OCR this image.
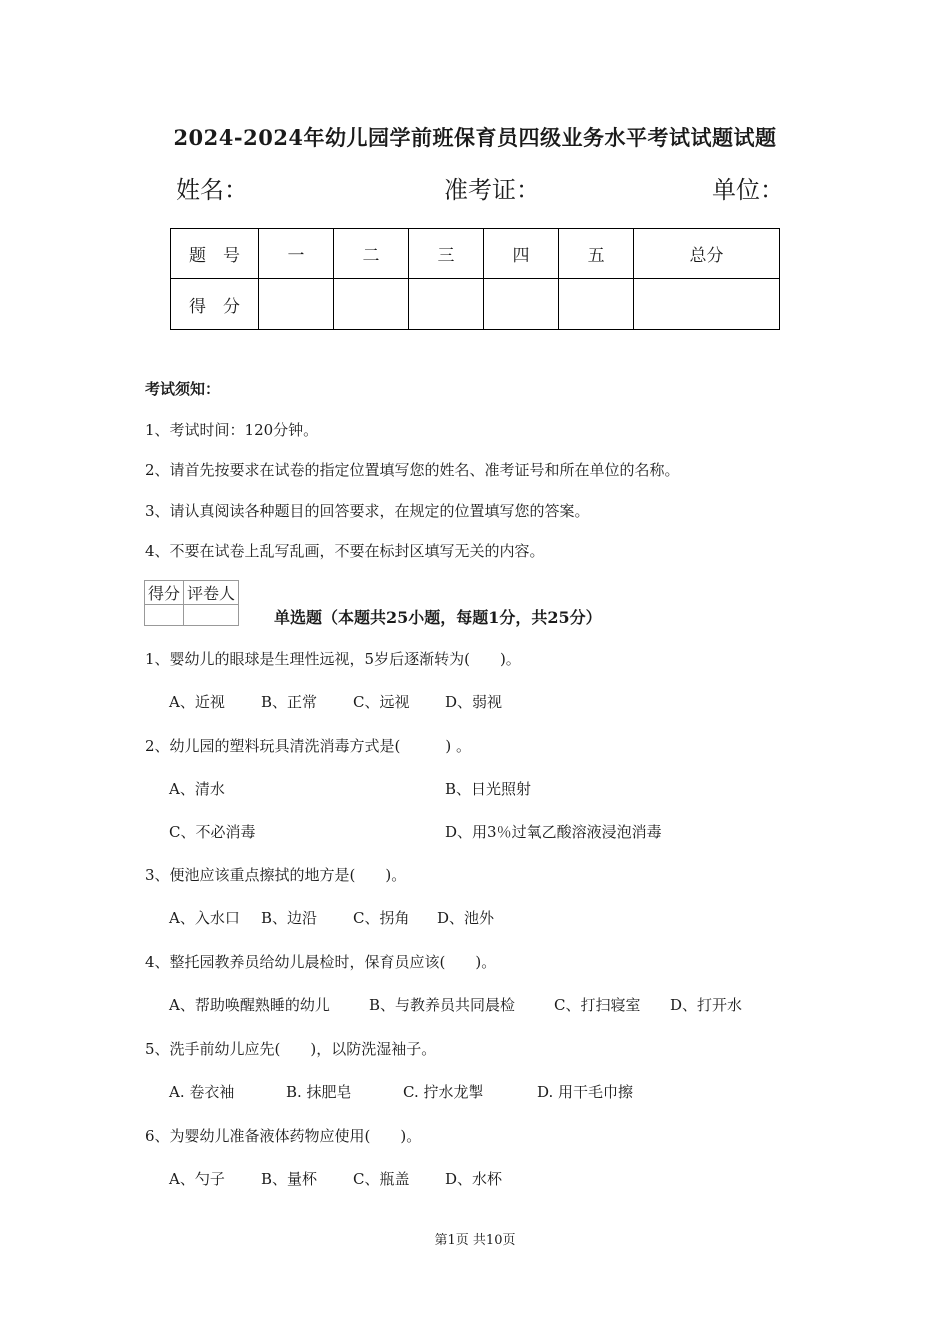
2024-2024年幼儿园学前班保育员四级业务水平考试试题试题
姓名：	准考证：	单位：
题　号	一	二	三	四	五	总分
得　分						
考试须知：
1、考试时间：120分钟。
2、请首先按要求在试卷的指定位置填写您的姓名、准考证号和所在单位的名称。
3、请认真阅读各种题目的回答要求，在规定的位置填写您的答案。
4、不要在试卷上乱写乱画，不要在标封区填写无关的内容。
得分	评卷人

单选题（本题共25小题，每题1分，共25分）
1、婴幼儿的眼球是生理性远视，5岁后逐渐转为(　　)。
A、近视 B、正常 C、远视 D、弱视
2、幼儿园的塑料玩具清洗消毒方式是(　　　) 。
A、清水	B、日光照射
C、不必消毒	D、用3％过氧乙酸溶液浸泡消毒
3、便池应该重点擦拭的地方是(　　)。
A、入水口 B、边沿 C、拐角 D、池外
4、整托园教养员给幼儿晨检时，保育员应该(　　)。
A、帮助唤醒熟睡的幼儿	B、与教养员共同晨检	C、打扫寝室 D、打开水
5、洗手前幼儿应先(　　)，以防洗湿袖子。
A. 卷衣袖	B. 抹肥皂	C. 拧水龙掣	D. 用干毛巾擦
6、为婴幼儿准备液体药物应使用(　　)。
A、勺子 B、量杯 C、瓶盖 D、水杯
第1页 共10页
